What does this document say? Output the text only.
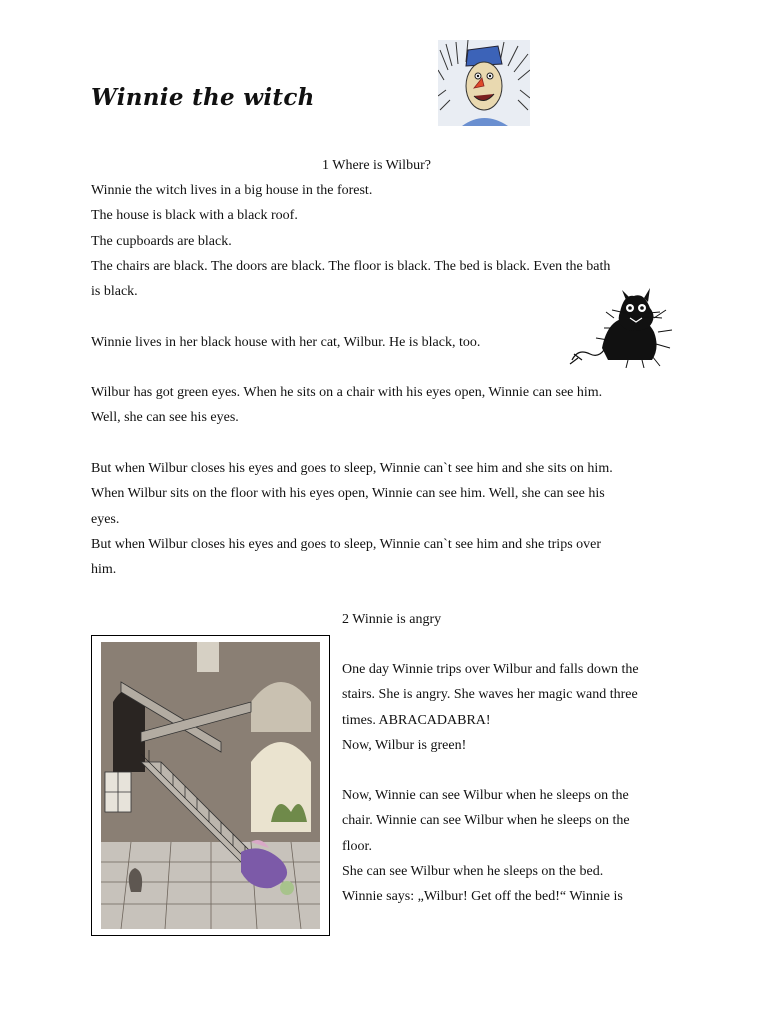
Winnie the witch
1 Where is Wilbur?
Winnie the witch lives in a big house in the forest.
The house is black with a black roof.
The cupboards are black.
The chairs are black. The doors are black. The floor is black. The bed is black. Even the bath
is black.
Winnie lives in her black house with her cat, Wilbur. He is black, too.
Wilbur has got green eyes. When he sits on a chair with his eyes open, Winnie can see him.
Well, she can see his eyes.
But when Wilbur closes his eyes and goes to sleep, Winnie can`t see him and she sits on him.
When Wilbur sits on the floor with his eyes open, Winnie can see him. Well, she can see his
eyes.
But when Wilbur closes his eyes and goes to sleep, Winnie can`t see him and she trips over
him.
2 Winnie is angry
One day Winnie trips over Wilbur and falls down the
stairs. She is angry. She waves her magic wand three
times. ABRACADABRA!
Now, Wilbur is green!
Now, Winnie can see Wilbur when he sleeps on the
chair. Winnie can see Wilbur when he sleeps on the
floor.
She can see Wilbur when he sleeps on the bed.
Winnie says: „Wilbur! Get off the bed!“ Winnie is
